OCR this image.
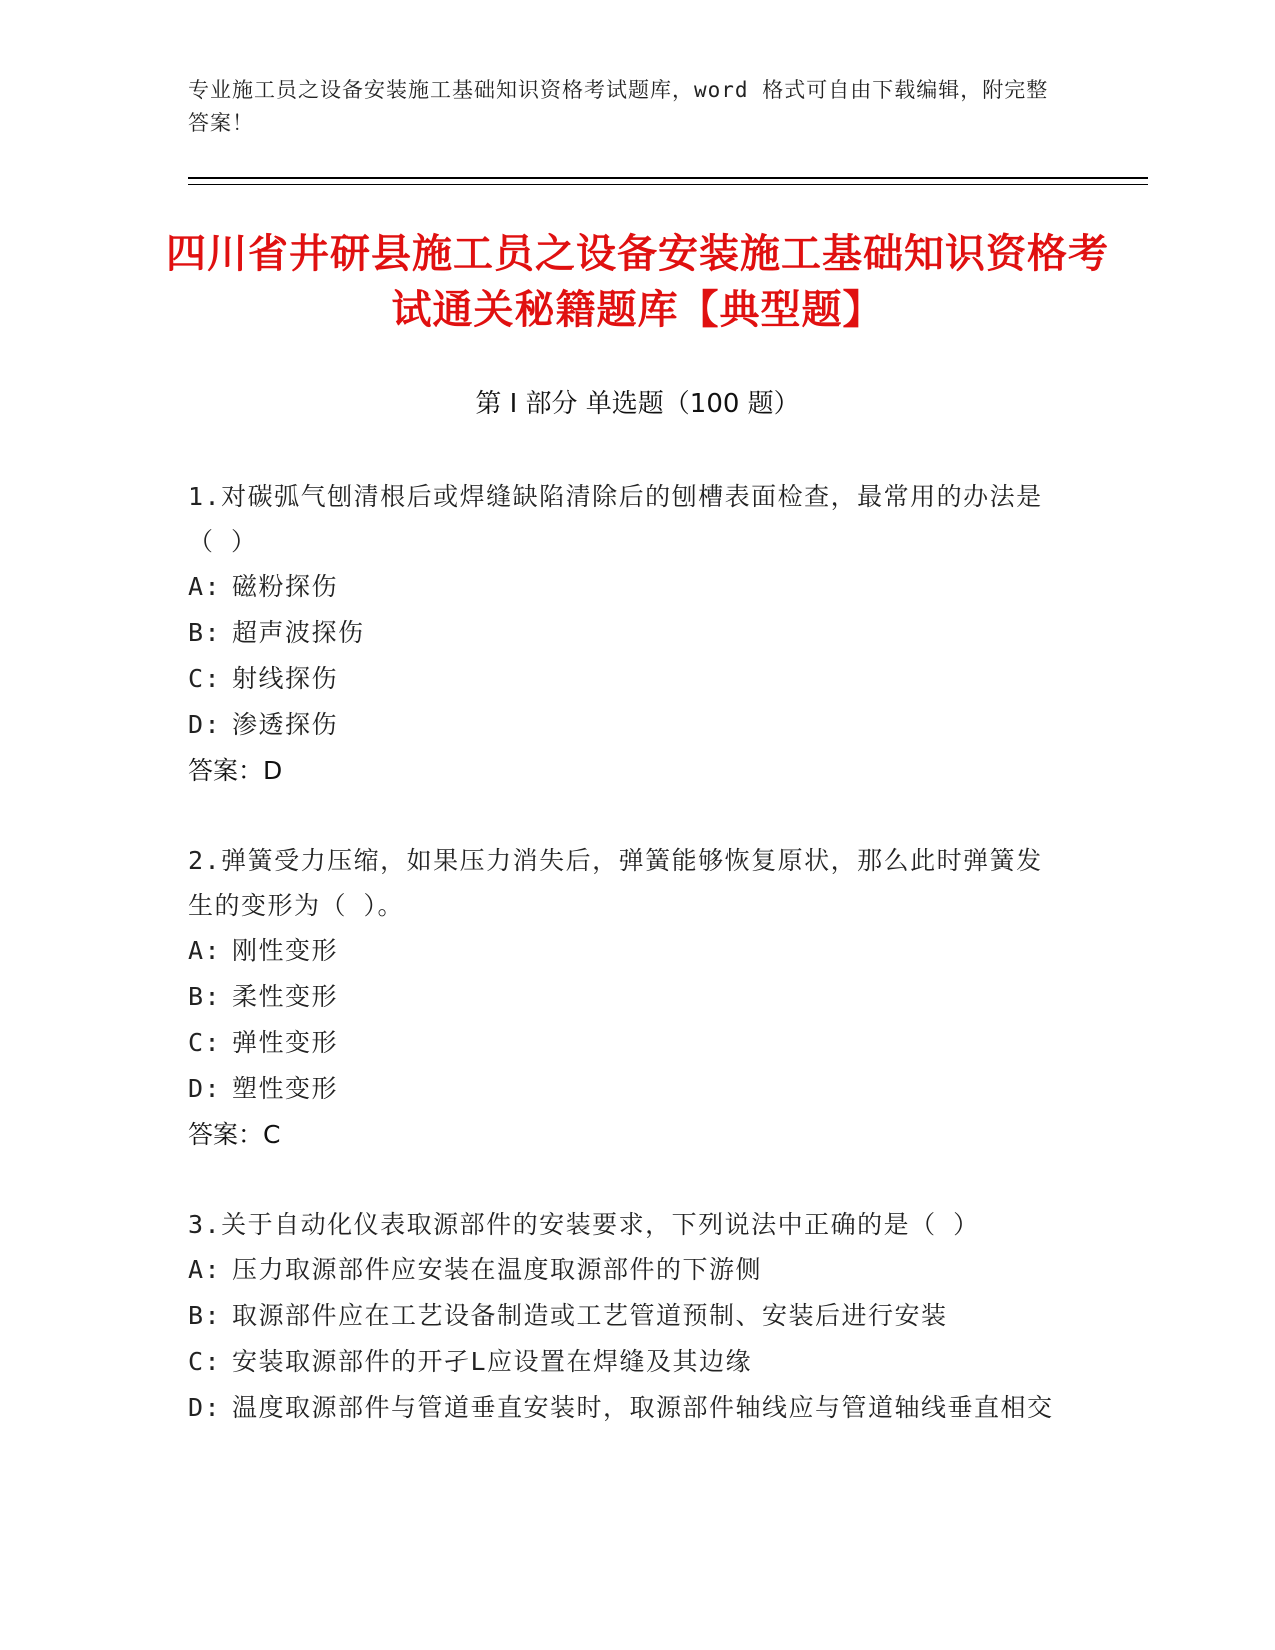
专业施工员之设备安装施工基础知识资格考试题库，word 格式可自由下载编辑，附完整答案！
四川省井研县施工员之设备安装施工基础知识资格考试通关秘籍题库【典型题】
第 I 部分 单选题（100 题）

1.对碳弧气刨清根后或焊缝缺陷清除后的刨槽表面检查，最常用的办法是（ ）

A: 磁粉探伤

B: 超声波探伤

C: 射线探伤

D: 渗透探伤

答案：D

2.弹簧受力压缩，如果压力消失后，弹簧能够恢复原状，那么此时弹簧发生的变形为（ ）。

A: 刚性变形

B: 柔性变形

C: 弹性变形

D: 塑性变形

答案：C

3.关于自动化仪表取源部件的安装要求，下列说法中正确的是（ ）

A: 压力取源部件应安装在温度取源部件的下游侧

B: 取源部件应在工艺设备制造或工艺管道预制、安装后进行安装

C: 安装取源部件的开孑L应设置在焊缝及其边缘

D: 温度取源部件与管道垂直安装时，取源部件轴线应与管道轴线垂直相交
